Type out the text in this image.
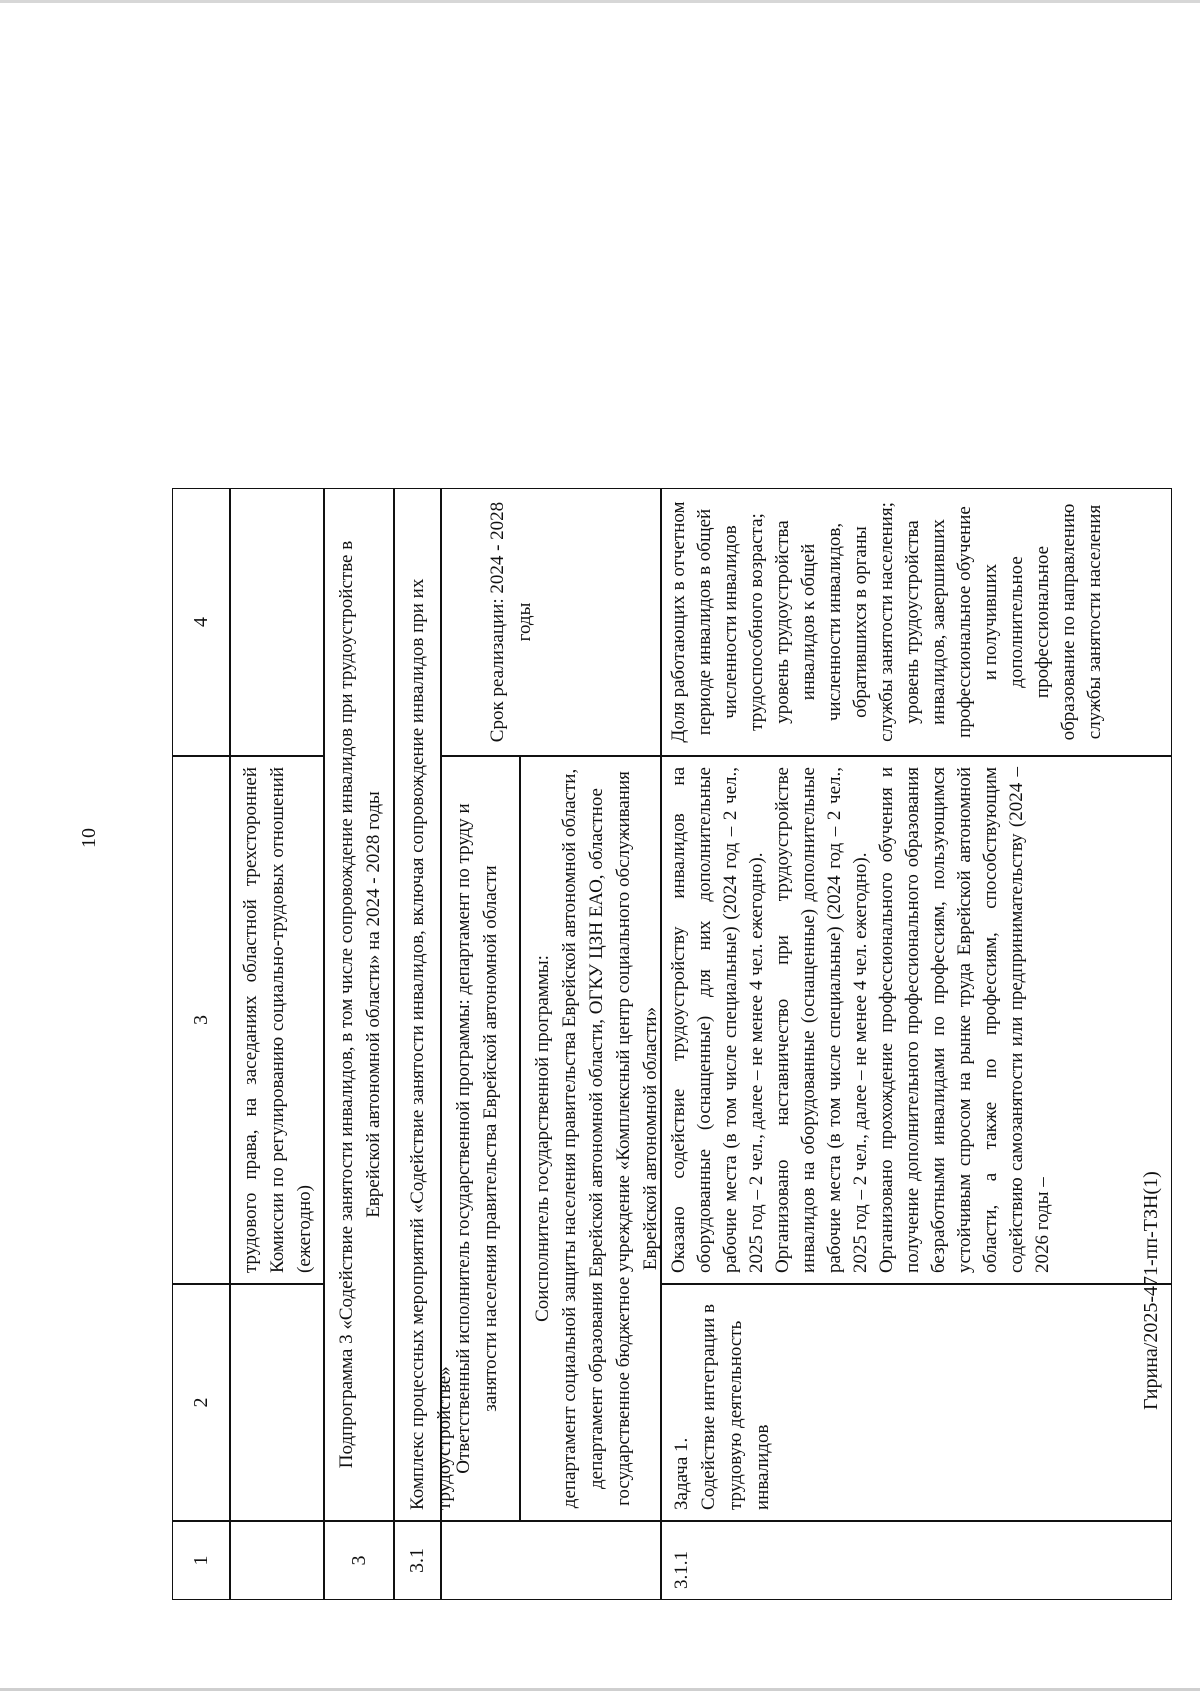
10
Гирина/2025-471-пп-ТЗН(1)
1
2
3
4
трудового права, на заседаниях областной трехсторонней Комиссии по регулированию социально-трудовых отношений (ежегодно)
3
Подпрограмма 3 «Содействие занятости инвалидов, в том числе сопровождение инвалидов при трудоустройстве в Еврейской автономной области» на 2024 - 2028 годы
3.1
Комплекс процессных мероприятий «Содействие занятости инвалидов, включая сопровождение инвалидов при их трудоустройстве»
Ответственный исполнитель государственной программы: департамент по труду и занятости населения правительства Еврейской автономной области	Соисполнитель государственной программы: департамент социальной защиты населения правительства Еврейской автономной области, департамент образования Еврейской автономной области, ОГКУ ЦЗН ЕАО, областное государственное бюджетное учреждение «Комплексный центр социального обслуживания Еврейской автономной области»
Срок реализации: 2024 - 2028 годы
3.1.1
Задача 1. Содействие интеграции в трудовую деятельность инвалидов
Оказано содействие трудоустройству инвалидов на оборудованные (оснащенные) для них дополнительные рабочие места (в том числе специальные) (2024 год – 2 чел., 2025 год – 2 чел., далее – не менее 4 чел. ежегодно). Организовано наставничество при трудоустройстве инвалидов на оборудованные (оснащенные) дополнительные рабочие места (в том числе специальные) (2024 год – 2 чел., 2025 год – 2 чел., далее – не менее 4 чел. ежегодно). Организовано прохождение профессионального обучения и получение дополнительного профессионального образования безработными инвалидами по профессиям, пользующимся устойчивым спросом на рынке труда Еврейской автономной области, а также по профессиям, способствующим содействию самозанятости или предпринимательству (2024 – 2026 годы –
Доля работающих в отчетном периоде инвалидов в общей численности инвалидов трудоспособного возраста; уровень трудоустройства инвалидов к общей численности инвалидов, обратившихся в органы службы занятости населения; уровень трудоустройства инвалидов, завершивших профессиональное обучение и получивших дополнительное профессиональное образование по направлению службы занятости населения
